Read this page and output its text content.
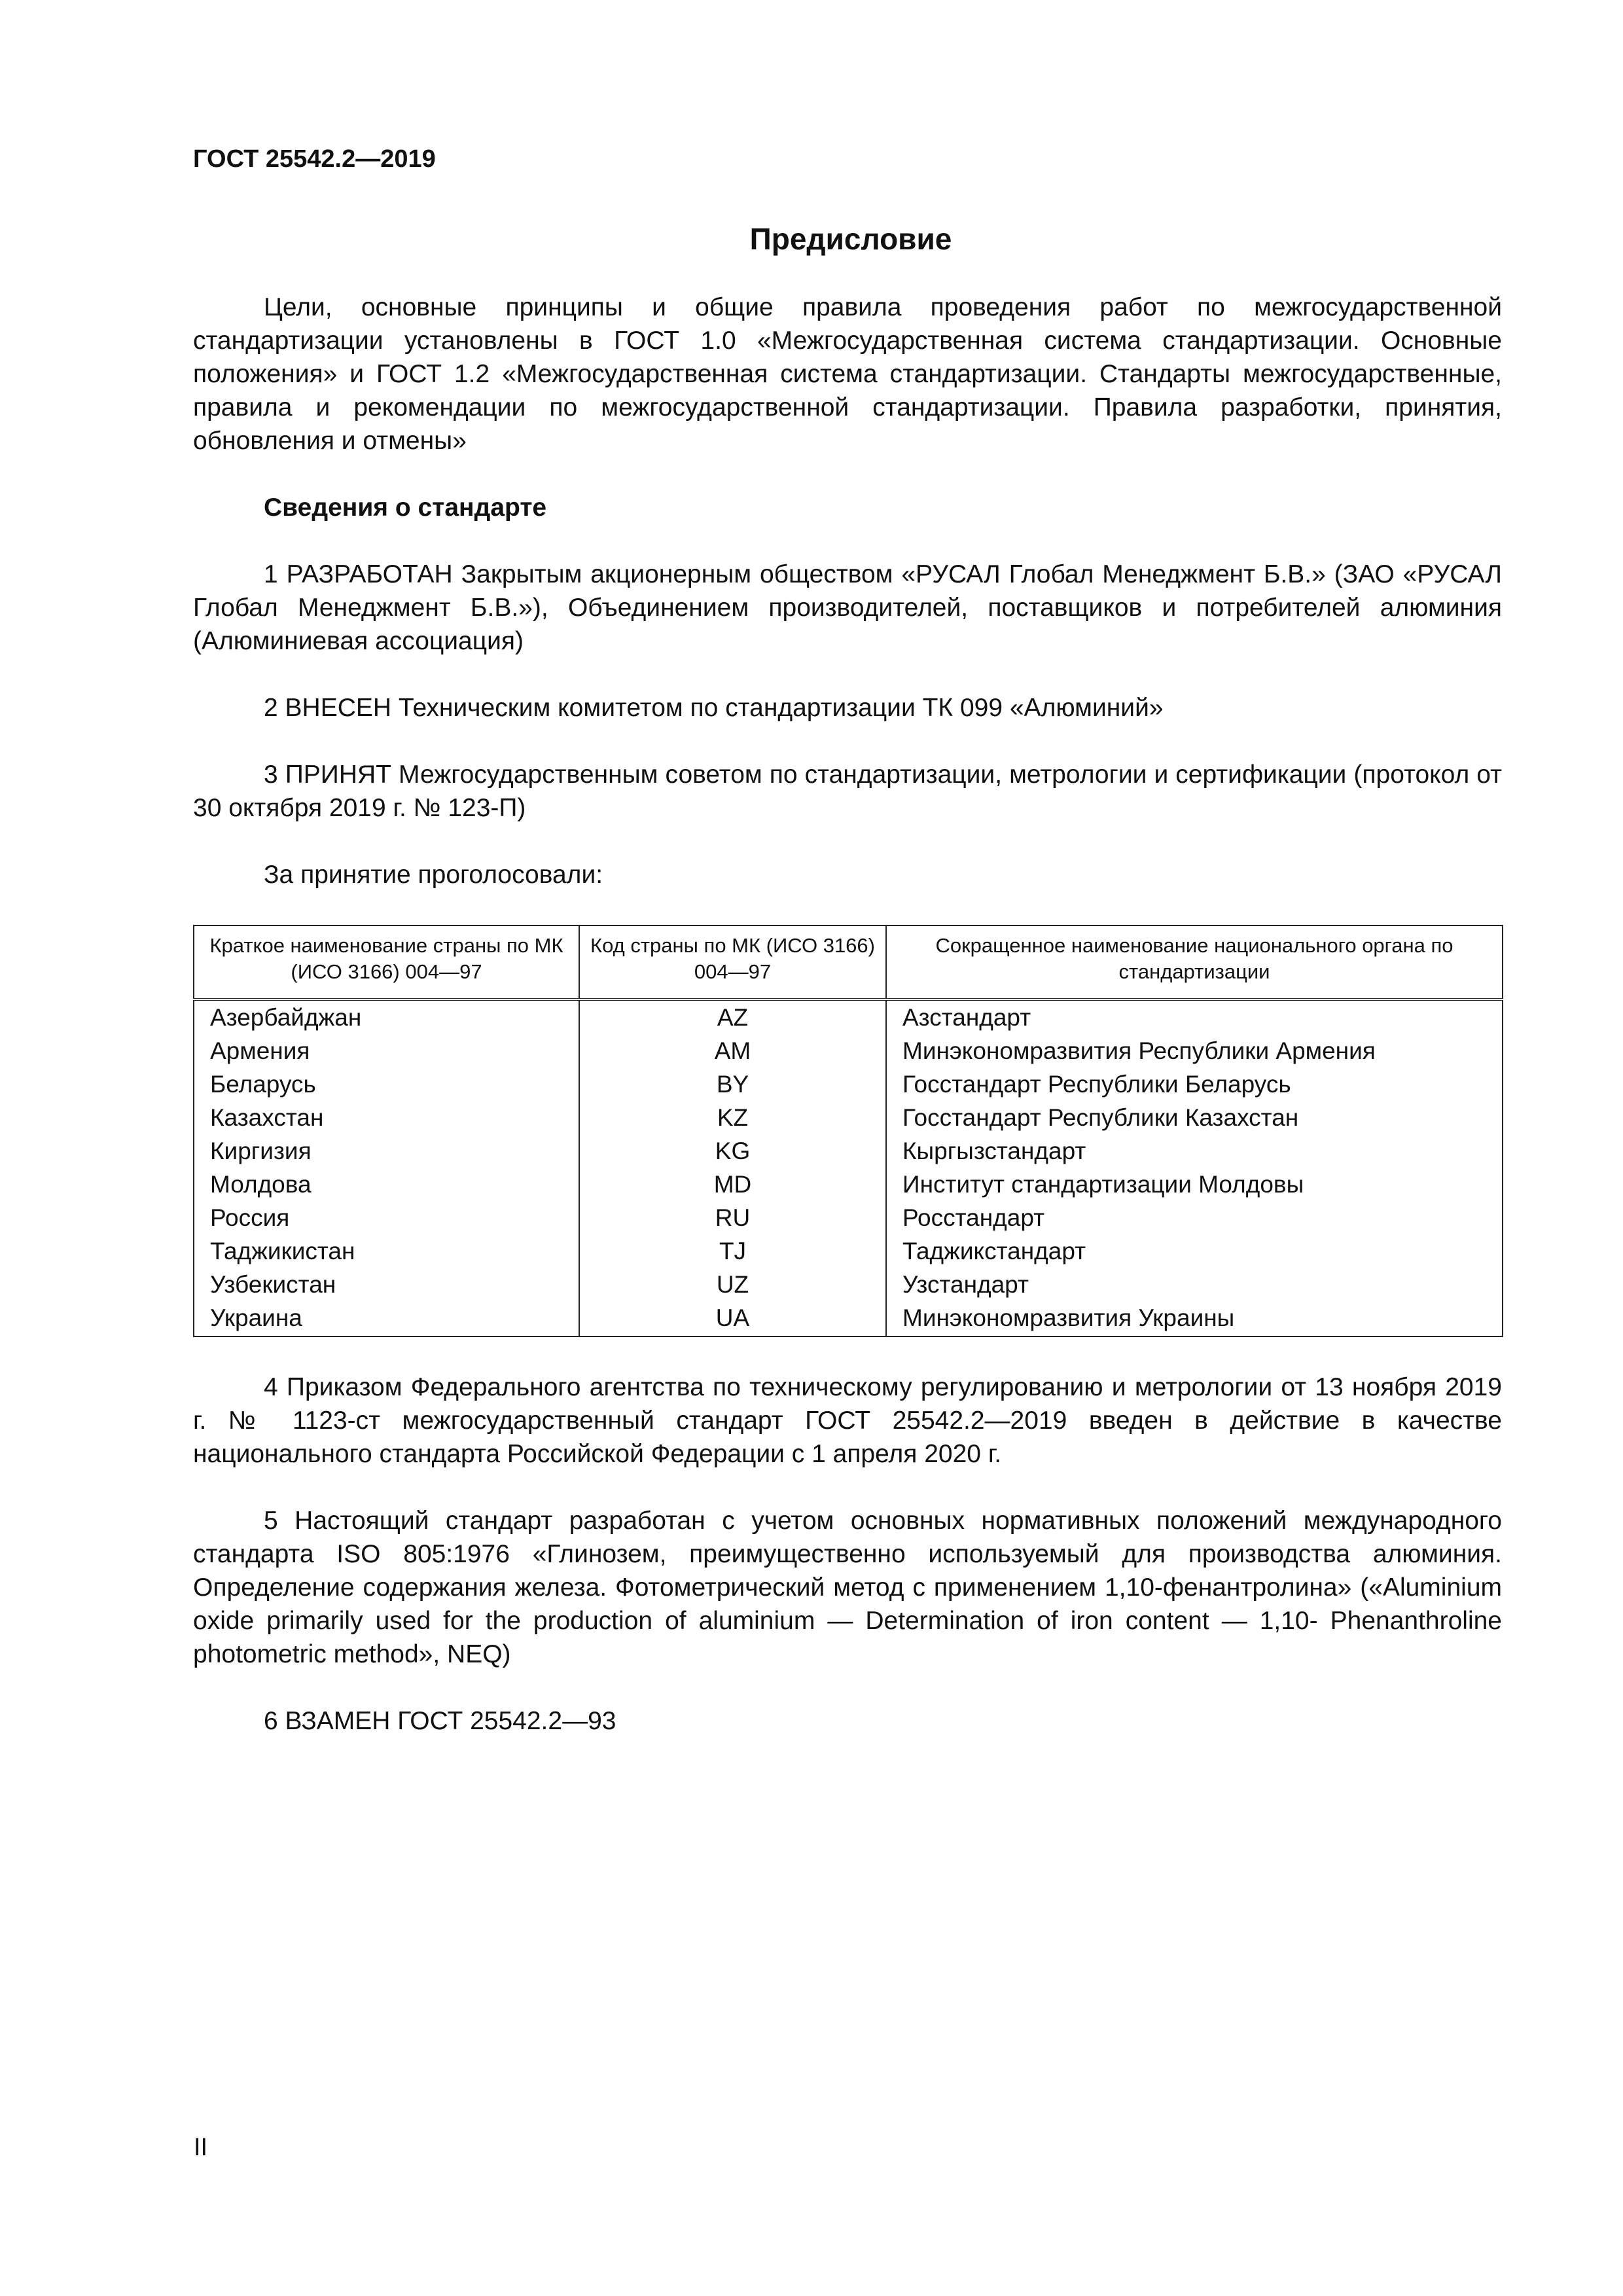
ГОСТ 25542.2—2019
Предисловие

Цели, основные принципы и общие правила проведения работ по межгосударственной стандартизации установлены в ГОСТ 1.0 «Межгосударственная система стандартизации. Основные положения» и ГОСТ 1.2 «Межгосударственная система стандартизации. Стандарты межгосударственные, правила и рекомендации по межгосударственной стандартизации. Правила разработки, принятия, обновления и отмены»

Сведения о стандарте

1 РАЗРАБОТАН Закрытым акционерным обществом «РУСАЛ Глобал Менеджмент Б.В.» (ЗАО «РУСАЛ Глобал Менеджмент Б.В.»), Объединением производителей, поставщиков и потребителей алюминия (Алюминиевая ассоциация)

2 ВНЕСЕН Техническим комитетом по стандартизации ТК 099 «Алюминий»

3 ПРИНЯТ Межгосударственным советом по стандартизации, метрологии и сертификации (протокол от 30 октября 2019 г. № 123-П)

За принятие проголосовали:

Краткое наименование страны по МК (ИСО 3166) 004—97	Код страны по МК (ИСО 3166) 004—97	Сокращенное наименование национального органа по стандартизации
Азербайджан	AZ	Азстандарт
Армения	AM	Минэкономразвития Республики Армения
Беларусь	BY	Госстандарт Республики Беларусь
Казахстан	KZ	Госстандарт Республики Казахстан
Киргизия	KG	Кыргызстандарт
Молдова	MD	Институт стандартизации Молдовы
Россия	RU	Росстандарт
Таджикистан	TJ	Таджикстандарт
Узбекистан	UZ	Узстандарт
Украина	UA	Минэкономразвития Украины

4 Приказом Федерального агентства по техническому регулированию и метрологии от 13 ноября 2019 г. № 1123-ст межгосударственный стандарт ГОСТ 25542.2—2019 введен в действие в качестве национального стандарта Российской Федерации с 1 апреля 2020 г.

5 Настоящий стандарт разработан с учетом основных нормативных положений международного стандарта ISO 805:1976 «Глинозем, преимущественно используемый для производства алюминия. Определение содержания железа. Фотометрический метод с применением 1,10-фенантролина» («Aluminium oxide primarily used for the production of aluminium — Determination of iron content — 1,10- Phenanthroline photometric method», NEQ)

6 ВЗАМЕН ГОСТ 25542.2—93

II
